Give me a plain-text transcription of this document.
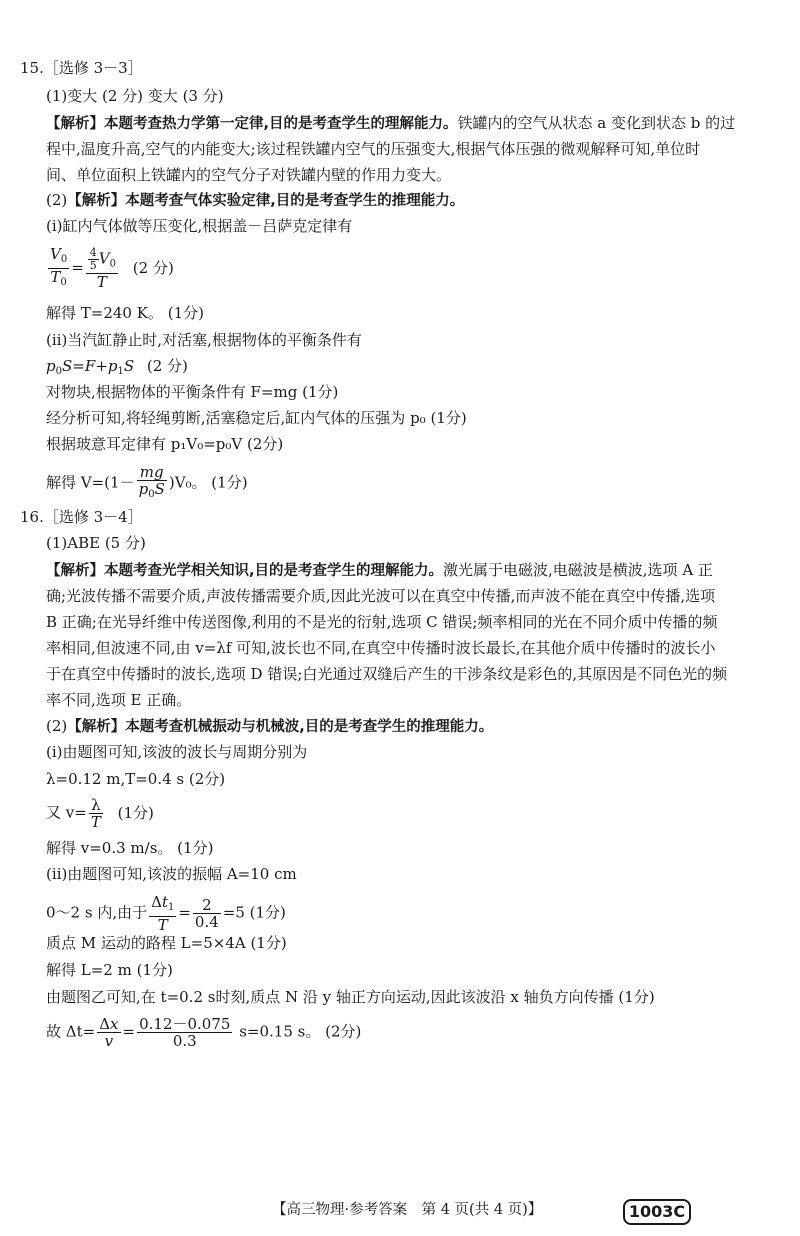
15.［选修 3－3］
(1)变大 (2 分) 变大 (3 分)
【解析】本题考查热力学第一定律,目的是考查学生的理解能力。铁罐内的空气从状态 a 变化到状态 b 的过
程中,温度升高,空气的内能变大;该过程铁罐内空气的压强变大,根据气体压强的微观解释可知,单位时
间、单位面积上铁罐内的空气分子对铁罐内壁的作用力变大。
(2)【解析】本题考查气体实验定律,目的是考查学生的推理能力。
(ⅰ)缸内气体做等压变化,根据盖－吕萨克定律有
$\frac{V_0}{T_0} = \frac{\frac{4}{5} V_0}{T} (2$ 分)
解得 T=240 K。 (1分)
(ⅱ)当汽缸静止时,对活塞,根据物体的平衡条件有
$p_0S=F+p_1S$ (2 分)
对物块,根据物体的平衡条件有 F=mg (1分)
经分析可知,将轻绳剪断,活塞稳定后,缸内气体的压强为 p₀ (1分)
根据玻意耳定律有 p₁V₀=p₀V (2分)
解得 $V=(1- \frac{mg}{p_0S} )V_0$。 (1分)
16.［选修 3－4］
(1)ABE (5 分)
【解析】本题考查光学相关知识,目的是考查学生的理解能力。激光属于电磁波,电磁波是横波,选项 A 正
确;光波传播不需要介质,声波传播需要介质,因此光波可以在真空中传播,而声波不能在真空中传播,选项
B 正确;在光导纤维中传送图像,利用的不是光的衍射,选项 C 错误;频率相同的光在不同介质中传播的频
率相同,但波速不同,由 v=λf 可知,波长也不同,在真空中传播时波长最长,在其他介质中传播时的波长小
于在真空中传播时的波长,选项 D 错误;白光通过双缝后产生的干涉条纹是彩色的,其原因是不同色光的频
率不同,选项 E 正确。
(2)【解析】本题考查机械振动与机械波,目的是考查学生的推理能力。
(ⅰ)由题图可知,该波的波长与周期分别为
λ=0.12 m,T=0.4 s (2分)
又 $v= \frac{\lambda}{T} (1$分)
解得 v=0.3 m/s。 (1分)
(ⅱ)由题图可知,该波的振幅 A=10 cm
0～2 s 内,由于 $\frac{\Delta t_1}{T} = \frac{2}{0.4} =5$ (1分)
质点 M 运动的路程 L=5×4A (1分)
解得 L=2 m (1分)
由题图乙可知,在 t=0.2 s时刻,质点 N 沿 y 轴正方向运动,因此该波沿 x 轴负方向传播 (1分)
故 $\Delta t= \frac{\Delta x}{v} = \frac{0.12-0.075}{0.3} s=0.15$ s。 (2分)
【高三物理·参考答案　第 4 页(共 4 页)】	1003C
